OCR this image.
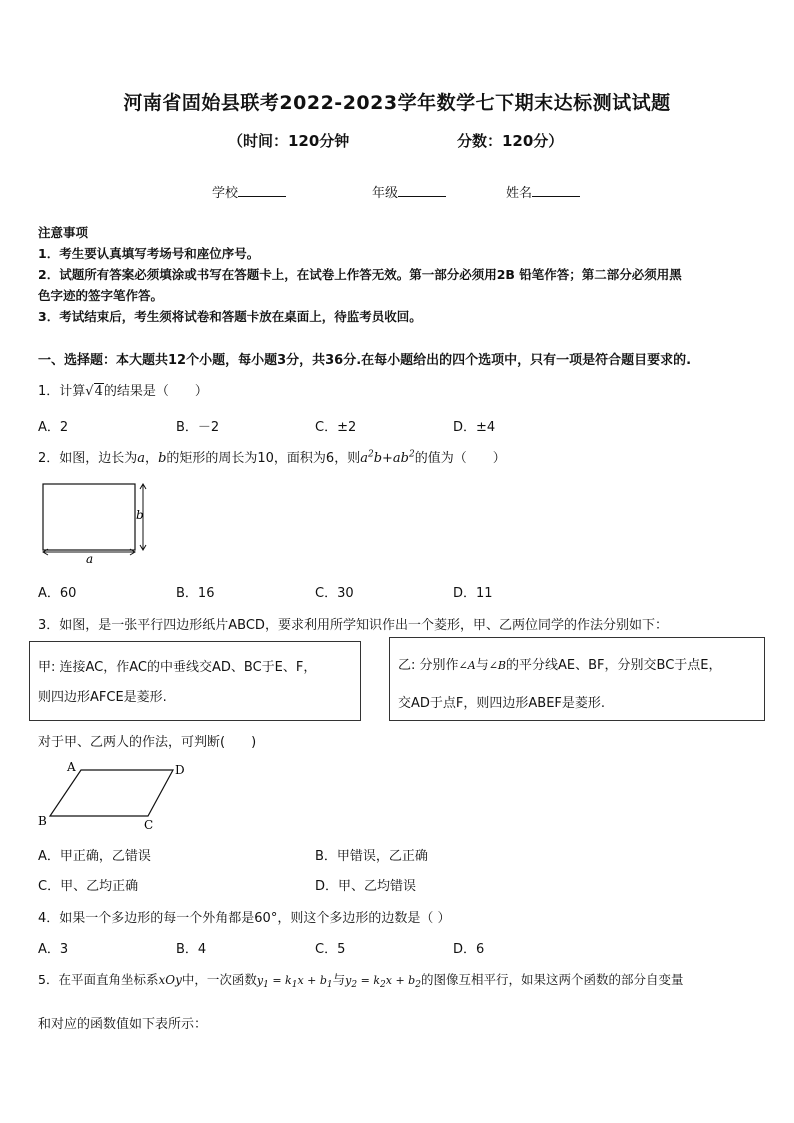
河南省固始县联考2022-2023学年数学七下期末达标测试试题
（时间：120分钟	分数：120分）
学校	年级	姓名
注意事项
1．考生要认真填写考场号和座位序号。
2．试题所有答案必须填涂或书写在答题卡上，在试卷上作答无效。第一部分必须用2B 铅笔作答；第二部分必须用黑
色字迹的签字笔作答。
3．考试结束后，考生须将试卷和答题卡放在桌面上，待监考员收回。
一、选择题：本大题共12个小题，每小题3分，共36分.在每小题给出的四个选项中，只有一项是符合题目要求的.
1．计算√4的结果是（　　）
A．2	B．－2	C．±2	D．±4
2．如图，边长为a，b的矩形的周长为10，面积为6，则$a^2b+ab^2$的值为（　　）
b
a
A．60	B．16	C．30	D．11
3．如图，是一张平行四边形纸片ABCD，要求利用所学知识作出一个菱形，甲、乙两位同学的作法分别如下：
甲: 连接AC，作AC的中垂线交AD、BC于E、F，
则四边形AFCE是菱形.
乙: 分别作∠A与∠B的平分线AE、BF，分别交BC于点E，
交AD于点F，则四边形ABEF是菱形.
对于甲、乙两人的作法，可判断(　　)
A	D
B	C
A．甲正确，乙错误	B．甲错误，乙正确
C．甲、乙均正确	D．甲、乙均错误
4．如果一个多边形的每一个外角都是60°，则这个多边形的边数是（ ）
A．3	B．4	C．5	D．6
5．在平面直角坐标系xOy中，一次函数$y_1 = k_1x + b_1$与$y_2 = k_2x + b_2$的图像互相平行，如果这两个函数的部分自变量
和对应的函数值如下表所示：
